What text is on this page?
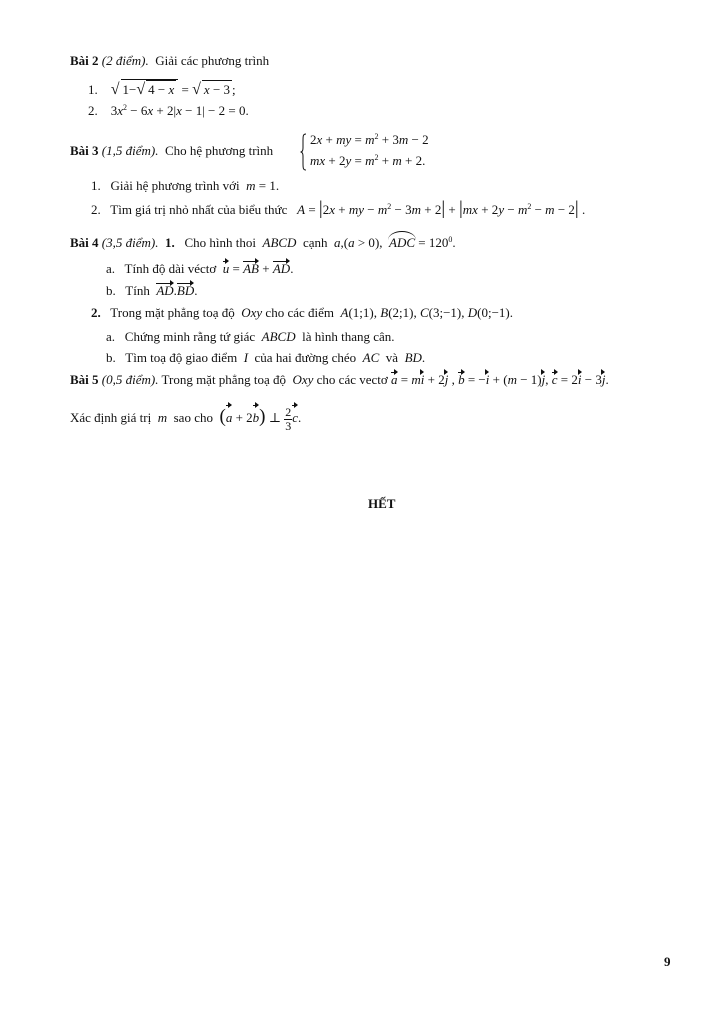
Bài 2 (2 điểm). Giải các phương trình
1. √ 1−√ 4 − x = √ x − 3 ;
2.    $3x^2 - 6x + 2|x - 1| - 2 = 0$.
Bài 3 (1,5 điểm). Cho hệ phương trình
2x + my = $m^2 + 3m - 2$
mx + $2y = m^2 + m + 2$.
1. Giải hệ phương trình với m = 1.
2. Tìm giá trị nhỏ nhất của biểu thức A = |2x + my − $m^2 - 3m + 2| + |mx + 2y - m^2 - m - 2|$ .
Bài 4 (3,5 điểm). 1. Cho hình thoi ABCD cạnh a,(a > 0),  ADC = $120^0$.
a. Tính độ dài véctơ u = AB + AD.
b. Tính AD.BD.
2. Trong mặt phẳng toạ độ Oxy cho các điểm A(1;1), B(2;1), C(3;−1), D(0;−1).
a. Chứng minh rằng tứ giác ABCD là hình thang cân.
b. Tìm toạ độ giao điểm I của hai đường chéo AC và BD.
Bài 5 (0,5 điểm). Trong mặt phẳng toạ độ Oxy cho các vectơ a = mi + 2j , b = −i + (m − 1)j, c = 2i − 3j.
Xác định giá trị m sao cho (a + 2b) ⊥ $\frac{2}{3} c$.
HẾT
9
